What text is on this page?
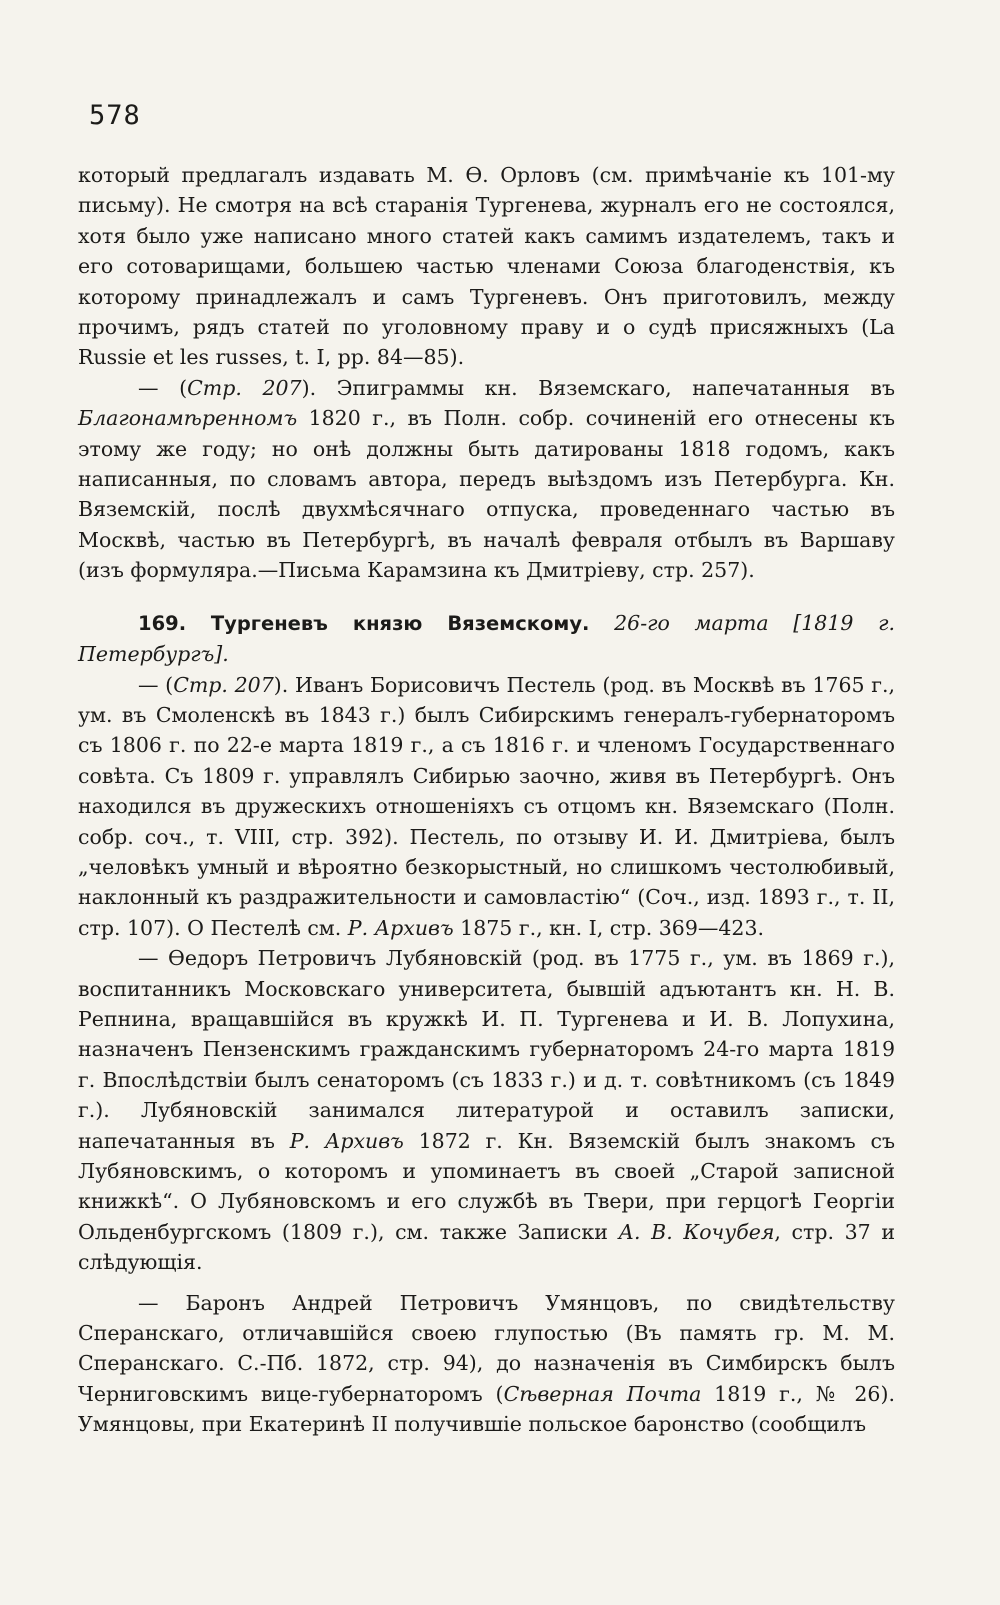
578

который предлагалъ издавать М. Ѳ. Орловъ (см. примѣчаніе къ 101-му письму). Не смотря на всѣ старанія Тургенева, журналъ его не состоялся, хотя было уже написано много статей какъ самимъ издателемъ, такъ и его сотоварищами, большею частью членами Союза благоденствія, къ которому принадлежалъ и самъ Тургеневъ. Онъ приготовилъ, между прочимъ, рядъ статей по уголовному праву и о судѣ присяжныхъ (La Russie et les russes, t. I, pp. 84—85).

— (Стр. 207). Эпиграммы кн. Вяземскаго, напечатанныя въ Благонамѣренномъ 1820 г., въ Полн. собр. сочиненій его отнесены къ этому же году; но онѣ должны быть датированы 1818 годомъ, какъ написанныя, по словамъ автора, передъ выѣздомъ изъ Петербурга. Кн. Вяземскій, послѣ двухмѣсячнаго отпуска, проведеннаго частью въ Москвѣ, частью въ Петербургѣ, въ началѣ февраля отбылъ въ Варшаву (изъ формуляра.—Письма Карамзина къ Дмитріеву, стр. 257).

169. Тургеневъ князю Вяземскому. 26-го марта [1819 г. Петербургъ].

— (Стр. 207). Иванъ Борисовичъ Пестель (род. въ Москвѣ въ 1765 г., ум. въ Смоленскѣ въ 1843 г.) былъ Сибирскимъ генералъ-губернаторомъ съ 1806 г. по 22-е марта 1819 г., а съ 1816 г. и членомъ Государственнаго совѣта. Съ 1809 г. управлялъ Сибирью заочно, живя въ Петербургѣ. Онъ находился въ дружескихъ отношеніяхъ съ отцомъ кн. Вяземскаго (Полн. собр. соч., т. VIII, стр. 392). Пестель, по отзыву И. И. Дмитріева, былъ „человѣкъ умный и вѣроятно безкорыстный, но слишкомъ честолюбивый, наклонный къ раздражительности и самовластію“ (Соч., изд. 1893 г., т. II, стр. 107). О Пестелѣ см. Р. Архивъ 1875 г., кн. I, стр. 369—423.

— Ѳедоръ Петровичъ Лубяновскій (род. въ 1775 г., ум. въ 1869 г.), воспитанникъ Московскаго университета, бывшій адъютантъ кн. Н. В. Репнина, вращавшійся въ кружкѣ И. П. Тургенева и И. В. Лопухина, назначенъ Пензенскимъ гражданскимъ губернаторомъ 24-го марта 1819 г. Впослѣдствіи былъ сенаторомъ (съ 1833 г.) и д. т. совѣтникомъ (съ 1849 г.). Лубяновскій занимался литературой и оставилъ записки, напечатанныя въ Р. Архивъ 1872 г. Кн. Вяземскій былъ знакомъ съ Лубяновскимъ, о которомъ и упоминаетъ въ своей „Старой записной книжкѣ“. О Лубяновскомъ и его службѣ въ Твери, при герцогѣ Георгіи Ольденбургскомъ (1809 г.), см. также Записки А. В. Кочубея, стр. 37 и слѣдующія.

— Баронъ Андрей Петровичъ Умянцовъ, по свидѣтельству Сперанскаго, отличавшійся своею глупостью (Въ память гр. М. М. Сперанскаго. С.-Пб. 1872, стр. 94), до назначенія въ Симбирскъ былъ Черниговскимъ вице-губернаторомъ (Сѣверная Почта 1819 г., № 26). Умянцовы, при Екатеринѣ II получившіе польское баронство (сообщилъ
